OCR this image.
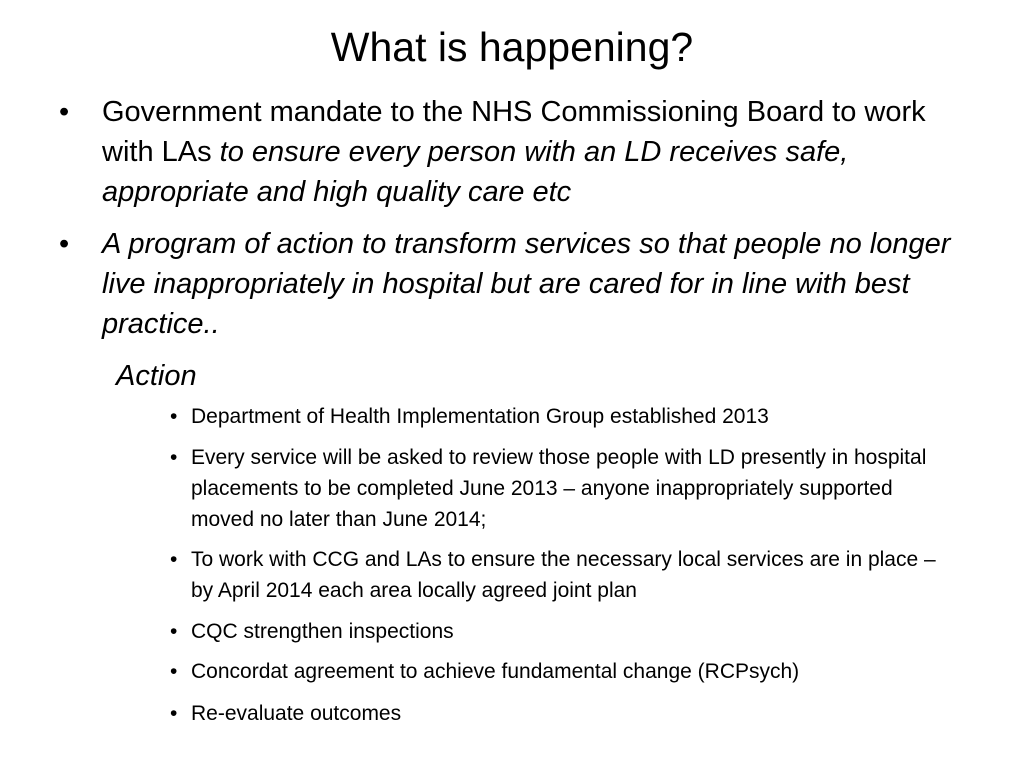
What is happening?
• Government mandate to the NHS Commissioning Board to work with LAs to ensure every person with an LD receives safe, appropriate and high quality care etc
• A program of action to transform services so that people no longer live inappropriately in hospital but are cared for in line with best practice..
Action
• Department of Health Implementation Group established 2013
• Every service will be asked to review those people with LD presently in hospital placements to be completed June 2013 – anyone inappropriately supported moved no later than June 2014;
• To work with CCG and LAs to ensure the necessary local services are in place – by April 2014 each area locally agreed joint plan
• CQC strengthen inspections
• Concordat agreement to achieve fundamental change (RCPsych)
• Re-evaluate outcomes
